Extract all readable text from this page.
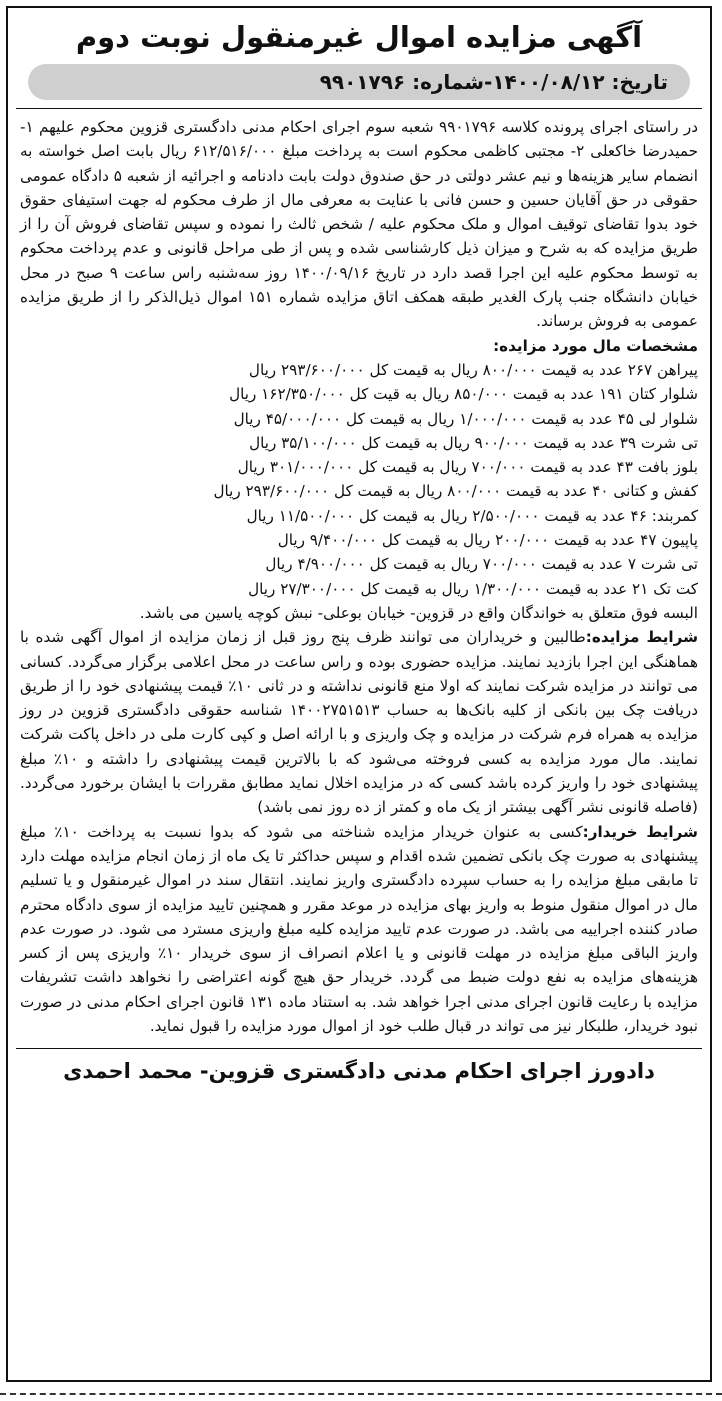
آگهی مزایده اموال غیرمنقول نوبت دوم
تاریخ: ۱۴۰۰/۰۸/۱۲-شماره: ۹۹۰۱۷۹۶

در راستای اجرای پرونده کلاسه ۹۹۰۱۷۹۶ شعبه سوم اجرای احکام مدنی دادگستری قزوین محکوم علیهم ۱- حمیدرضا خاکعلی ۲- مجتبی کاظمی محکوم است به پرداخت مبلغ ۶۱۲/۵۱۶/۰۰۰ ریال بابت اصل خواسته به انضمام سایر هزینه‌ها و نیم عشر دولتی در حق صندوق دولت بابت دادنامه و اجرائیه از شعبه ۵ دادگاه عمومی حقوقی در حق آقایان حسین و حسن فانی با عنایت به معرفی مال از طرف محکوم له جهت استیفای حقوق خود بدوا تقاضای توقیف اموال و ملک محکوم علیه / شخص ثالث را نموده و سپس تقاضای فروش آن را از طریق مزایده که به شرح و میزان ذیل کارشناسی شده و پس از طی مراحل قانونی و عدم پرداخت محکوم به توسط محکوم علیه این اجرا قصد دارد در تاریخ ۱۴۰۰/۰۹/۱۶ روز سه‌شنبه راس ساعت ۹ صبح در محل خیابان دانشگاه جنب پارک الغدیر طبقه همکف اتاق مزایده شماره ۱۵۱ اموال ذیل‌الذکر را از طریق مزایده عمومی به فروش برساند.

مشخصات مال مورد مزایده:

پیراهن ۲۶۷ عدد به قیمت ۸۰۰/۰۰۰ ریال به قیمت کل ۲۹۳/۶۰۰/۰۰۰ ریال
شلوار کتان ۱۹۱ عدد به قیمت ۸۵۰/۰۰۰ ریال به قیت کل ۱۶۲/۳۵۰/۰۰۰ ریال
شلوار لی ۴۵ عدد به قیمت ۱/۰۰۰/۰۰۰ ریال به قیمت کل ۴۵/۰۰۰/۰۰۰ ریال
تی شرت ۳۹ عدد به قیمت ۹۰۰/۰۰۰ ریال به قیمت کل ۳۵/۱۰۰/۰۰۰ ریال
بلوز بافت ۴۳ عدد به قیمت ۷۰۰/۰۰۰ ریال به قیمت کل ۳۰۱/۰۰۰/۰۰۰ ریال
کفش و کتانی ۴۰ عدد به قیمت ۸۰۰/۰۰۰ ریال به قیمت کل ۲۹۳/۶۰۰/۰۰۰ ریال
کمربند: ۴۶ عدد به قیمت ۲/۵۰۰/۰۰۰ ریال به قیمت کل ۱۱/۵۰۰/۰۰۰ ریال
پاپیون ۴۷ عدد به قیمت ۲۰۰/۰۰۰ ریال به قیمت کل ۹/۴۰۰/۰۰۰ ریال
تی شرت ۷ عدد به قیمت ۷۰۰/۰۰۰ ریال به قیمت کل ۴/۹۰۰/۰۰۰ ریال
کت تک ۲۱ عدد به قیمت ۱/۳۰۰/۰۰۰ ریال به قیمت کل ۲۷/۳۰۰/۰۰۰ ریال

البسه فوق متعلق به خواندگان واقع در قزوین- خیابان بوعلی- نبش کوچه یاسین می باشد.

شرایط مزایده:طالبین و خریداران می توانند ظرف پنج روز قبل از زمان مزایده از اموال آگهی شده با هماهنگی این اجرا بازدید نمایند. مزایده حضوری بوده و راس ساعت در محل اعلامی برگزار می‌گردد. کسانی می توانند در مزایده شرکت نمایند که اولا منع قانونی نداشته و در ثانی ۱۰٪ قیمت پیشنهادی خود را از طریق دریافت چک بین بانکی از کلیه بانک‌ها به حساب ۱۴۰۰۲۷۵۱۵۱۳ شناسه حقوقی دادگستری قزوین در روز مزایده به همراه فرم شرکت در مزایده و چک واریزی و با ارائه اصل و کپی کارت ملی در داخل پاکت شرکت نمایند. مال مورد مزایده به کسی فروخته می‌شود که با بالاترین قیمت پیشنهادی را داشته و ۱۰٪ مبلغ پیشنهادی خود را واریز کرده باشد کسی که در مزایده اخلال نماید مطابق مقررات با ایشان برخورد می‌گردد. (فاصله قانونی نشر آگهی بیشتر از یک ماه و کمتر از ده روز نمی باشد)

شرایط خریدار:کسی به عنوان خریدار مزایده شناخته می شود که بدوا نسبت به پرداخت ۱۰٪ مبلغ پیشنهادی به صورت چک بانکی تضمین شده اقدام و سپس حداکثر تا یک ماه از زمان انجام مزایده مهلت دارد تا مابقی مبلغ مزایده را به حساب سپرده دادگستری واریز نمایند. انتقال سند در اموال غیرمنقول و یا تسلیم مال در اموال منقول منوط به واریز بهای مزایده در موعد مقرر و همچنین تایید مزایده از سوی دادگاه محترم صادر کننده اجراییه می باشد. در صورت عدم تایید مزایده کلیه مبلغ واریزی مسترد می شود. در صورت عدم واریز الباقی مبلغ مزایده در مهلت قانونی و یا اعلام انصراف از سوی خریدار ۱۰٪ واریزی پس از کسر هزینه‌های مزایده به نفع دولت ضبط می گردد. خریدار حق هیچ گونه اعتراضی را نخواهد داشت تشریفات مزایده با رعایت قانون اجرای مدنی اجرا خواهد شد. به استناد ماده ۱۳۱ قانون اجرای احکام مدنی در صورت نبود خریدار، طلبکار نیز می تواند در قبال طلب خود از اموال مورد مزایده را قبول نماید.

دادورز اجرای احکام مدنی دادگستری قزوین- محمد احمدی
